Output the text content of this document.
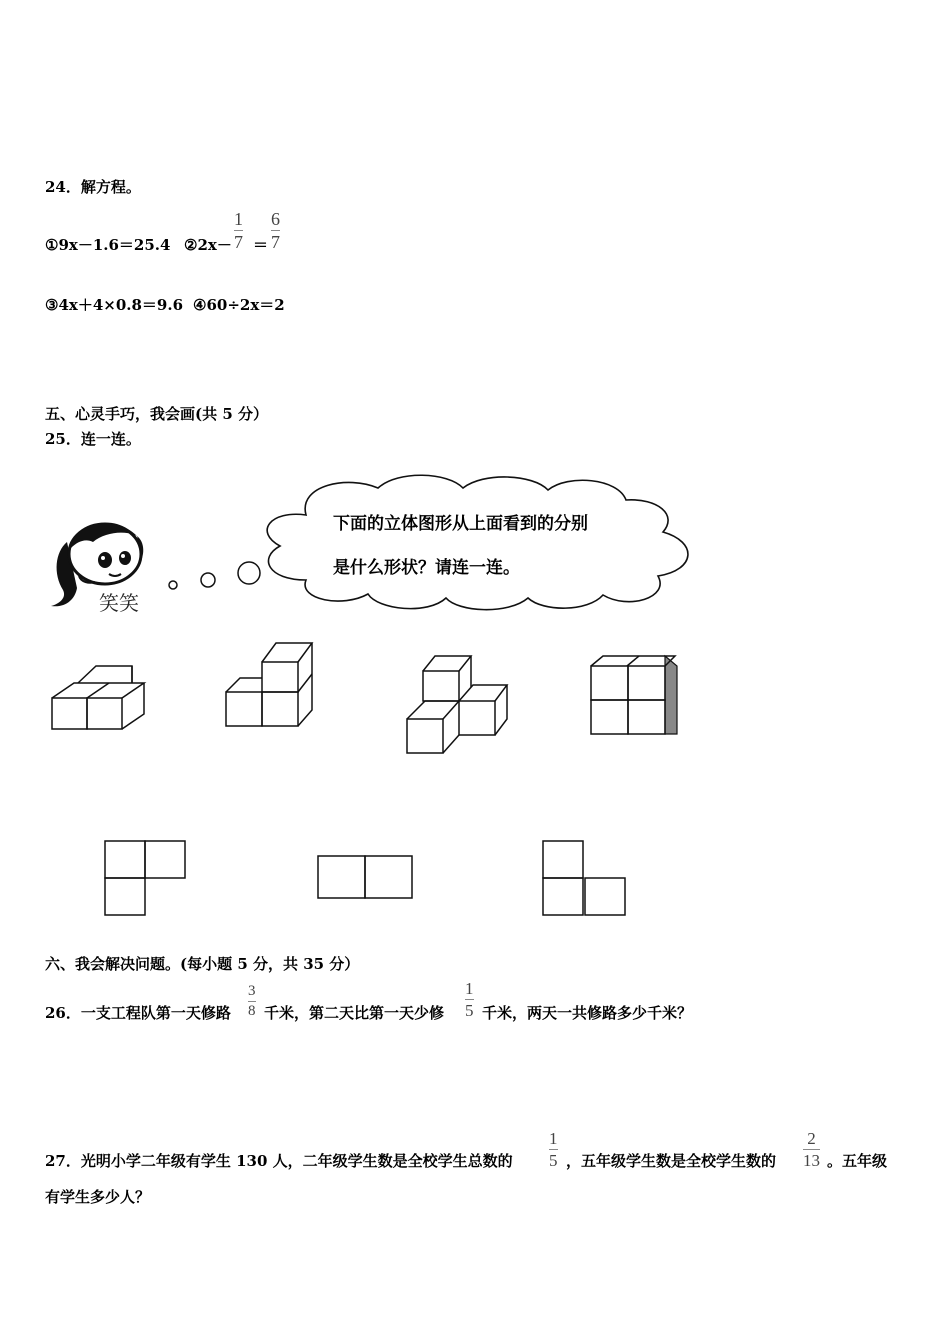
24．解方程。
①9x－1.6＝25.4 ②2x－
1
7 ＝
6
7
③4x＋4×0.8＝9.6 ④60÷2x＝2
五、心灵手巧，我会画(共 5 分）
25．连一连。
笑笑
下面的立体图形从上面看到的分别
是什么形状？请连一连。
六、我会解决问题。(每小题 5 分，共 35 分）
26．一支工程队第一天修路
3
8 千米，第二天比第一天少修
1
5 千米，两天一共修路多少千米？
27．光明小学二年级有学生 130 人，二年级学生数是全校学生总数的
1
5 ，五年级学生数是全校学生数的
2
13 。五年级
有学生多少人？
